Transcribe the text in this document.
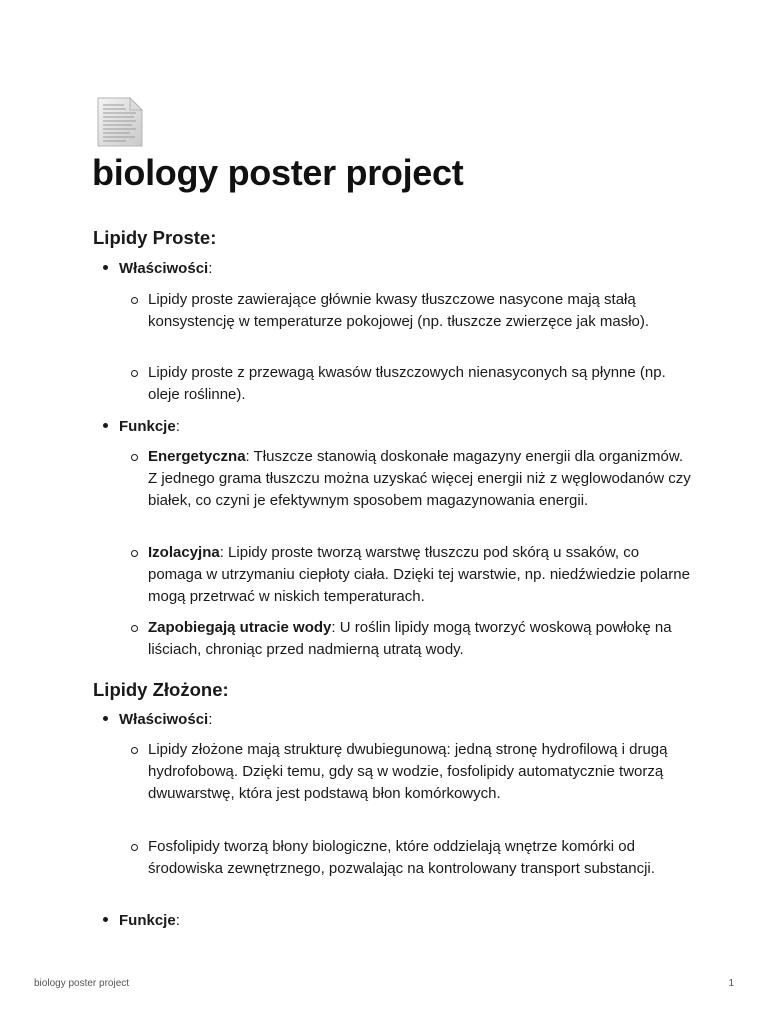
biology poster project
Lipidy Proste:
Właściwości:
Lipidy proste zawierające głównie kwasy tłuszczowe nasycone mają stałą konsystencję w temperaturze pokojowej (np. tłuszcze zwierzęce jak masło).
Lipidy proste z przewagą kwasów tłuszczowych nienasyconych są płynne (np. oleje roślinne).
Funkcje:
Energetyczna: Tłuszcze stanowią doskonałe magazyny energii dla organizmów. Z jednego grama tłuszczu można uzyskać więcej energii niż z węglowodanów czy białek, co czyni je efektywnym sposobem magazynowania energii.
Izolacyjna: Lipidy proste tworzą warstwę tłuszczu pod skórą u ssaków, co pomaga w utrzymaniu ciepłoty ciała. Dzięki tej warstwie, np. niedźwiedzie polarne mogą przetrwać w niskich temperaturach.
Zapobiegają utracie wody: U roślin lipidy mogą tworzyć woskową powłokę na liściach, chroniąc przed nadmierną utratą wody.
Lipidy Złożone:
Właściwości:
Lipidy złożone mają strukturę dwubiegunową: jedną stronę hydrofilową i drugą hydrofobową. Dzięki temu, gdy są w wodzie, fosfolipidy automatycznie tworzą dwuwarstwę, która jest podstawą błon komórkowych.
Fosfolipidy tworzą błony biologiczne, które oddzielają wnętrze komórki od środowiska zewnętrznego, pozwalając na kontrolowany transport substancji.
Funkcje:
biology poster project	1
